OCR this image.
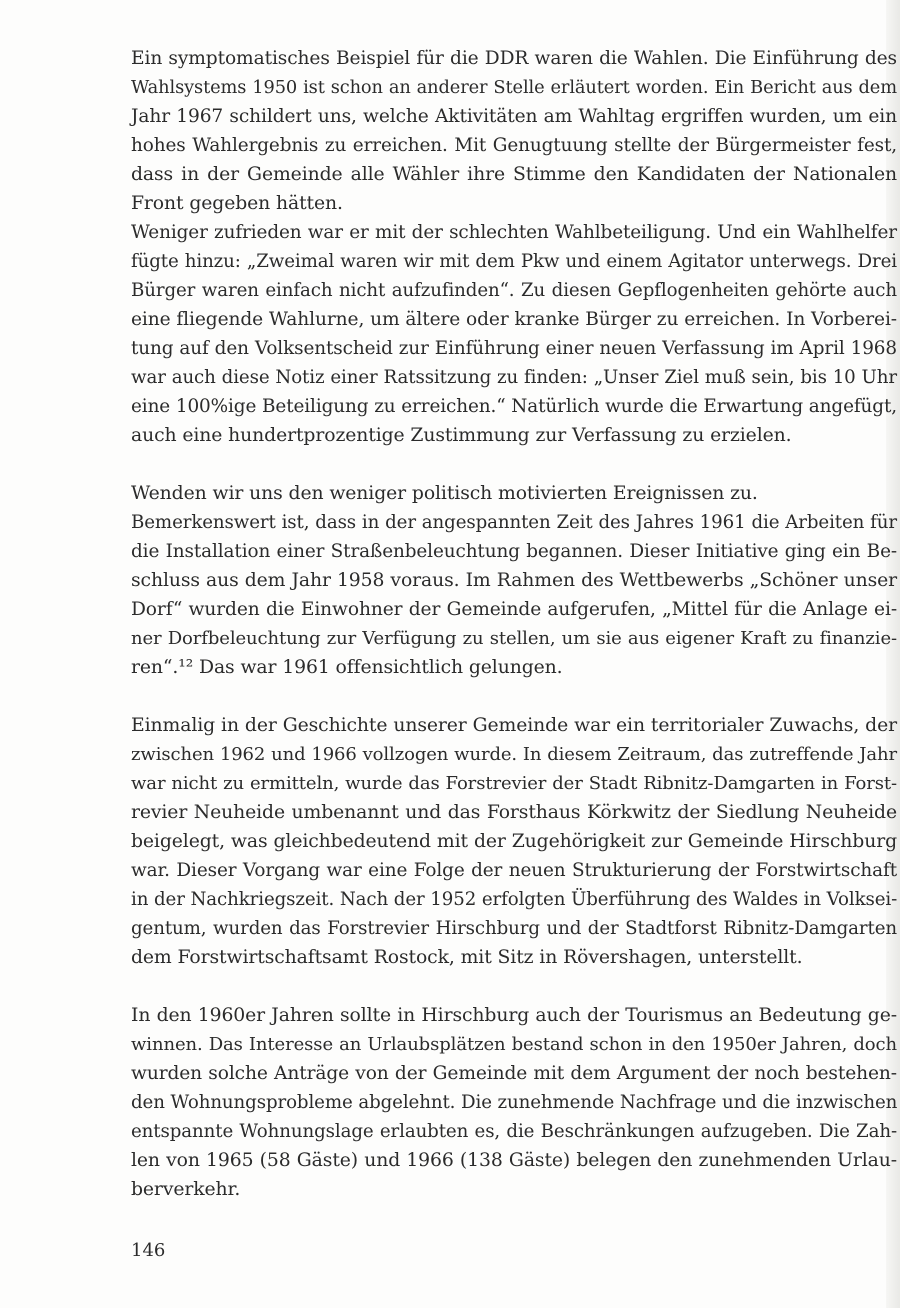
Ein symptomatisches Beispiel für die DDR waren die Wahlen. Die Einführung des
Wahlsystems 1950 ist schon an anderer Stelle erläutert worden. Ein Bericht aus dem
Jahr 1967 schildert uns, welche Aktivitäten am Wahltag ergriffen wurden, um ein
hohes Wahlergebnis zu erreichen. Mit Genugtuung stellte der Bürgermeister fest,
dass in der Gemeinde alle Wähler ihre Stimme den Kandidaten der Nationalen
Front gegeben hätten.
Weniger zufrieden war er mit der schlechten Wahlbeteiligung. Und ein Wahlhelfer
fügte hinzu: „Zweimal waren wir mit dem Pkw und einem Agitator unterwegs. Drei
Bürger waren einfach nicht aufzufinden“. Zu diesen Gepflogenheiten gehörte auch
eine fliegende Wahlurne, um ältere oder kranke Bürger zu erreichen. In Vorberei-
tung auf den Volksentscheid zur Einführung einer neuen Verfassung im April 1968
war auch diese Notiz einer Ratssitzung zu finden: „Unser Ziel muß sein, bis 10 Uhr
eine 100%ige Beteiligung zu erreichen.“ Natürlich wurde die Erwartung angefügt,
auch eine hundertprozentige Zustimmung zur Verfassung zu erzielen.
Wenden wir uns den weniger politisch motivierten Ereignissen zu.
Bemerkenswert ist, dass in der angespannten Zeit des Jahres 1961 die Arbeiten für
die Installation einer Straßenbeleuchtung begannen. Dieser Initiative ging ein Be-
schluss aus dem Jahr 1958 voraus. Im Rahmen des Wettbewerbs „Schöner unser
Dorf“ wurden die Einwohner der Gemeinde aufgerufen, „Mittel für die Anlage ei-
ner Dorfbeleuchtung zur Verfügung zu stellen, um sie aus eigener Kraft zu finanzie-
ren“.¹² Das war 1961 offensichtlich gelungen.
Einmalig in der Geschichte unserer Gemeinde war ein territorialer Zuwachs, der
zwischen 1962 und 1966 vollzogen wurde. In diesem Zeitraum, das zutreffende Jahr
war nicht zu ermitteln, wurde das Forstrevier der Stadt Ribnitz-Damgarten in Forst-
revier Neuheide umbenannt und das Forsthaus Körkwitz der Siedlung Neuheide
beigelegt, was gleichbedeutend mit der Zugehörigkeit zur Gemeinde Hirschburg
war. Dieser Vorgang war eine Folge der neuen Strukturierung der Forstwirtschaft
in der Nachkriegszeit. Nach der 1952 erfolgten Überführung des Waldes in Volksei-
gentum, wurden das Forstrevier Hirschburg und der Stadtforst Ribnitz-Damgarten
dem Forstwirtschaftsamt Rostock, mit Sitz in Rövershagen, unterstellt.
In den 1960er Jahren sollte in Hirschburg auch der Tourismus an Bedeutung ge-
winnen. Das Interesse an Urlaubsplätzen bestand schon in den 1950er Jahren, doch
wurden solche Anträge von der Gemeinde mit dem Argument der noch bestehen-
den Wohnungsprobleme abgelehnt. Die zunehmende Nachfrage und die inzwischen
entspannte Wohnungslage erlaubten es, die Beschränkungen aufzugeben. Die Zah-
len von 1965 (58 Gäste) und 1966 (138 Gäste) belegen den zunehmenden Urlau-
berverkehr.
146
